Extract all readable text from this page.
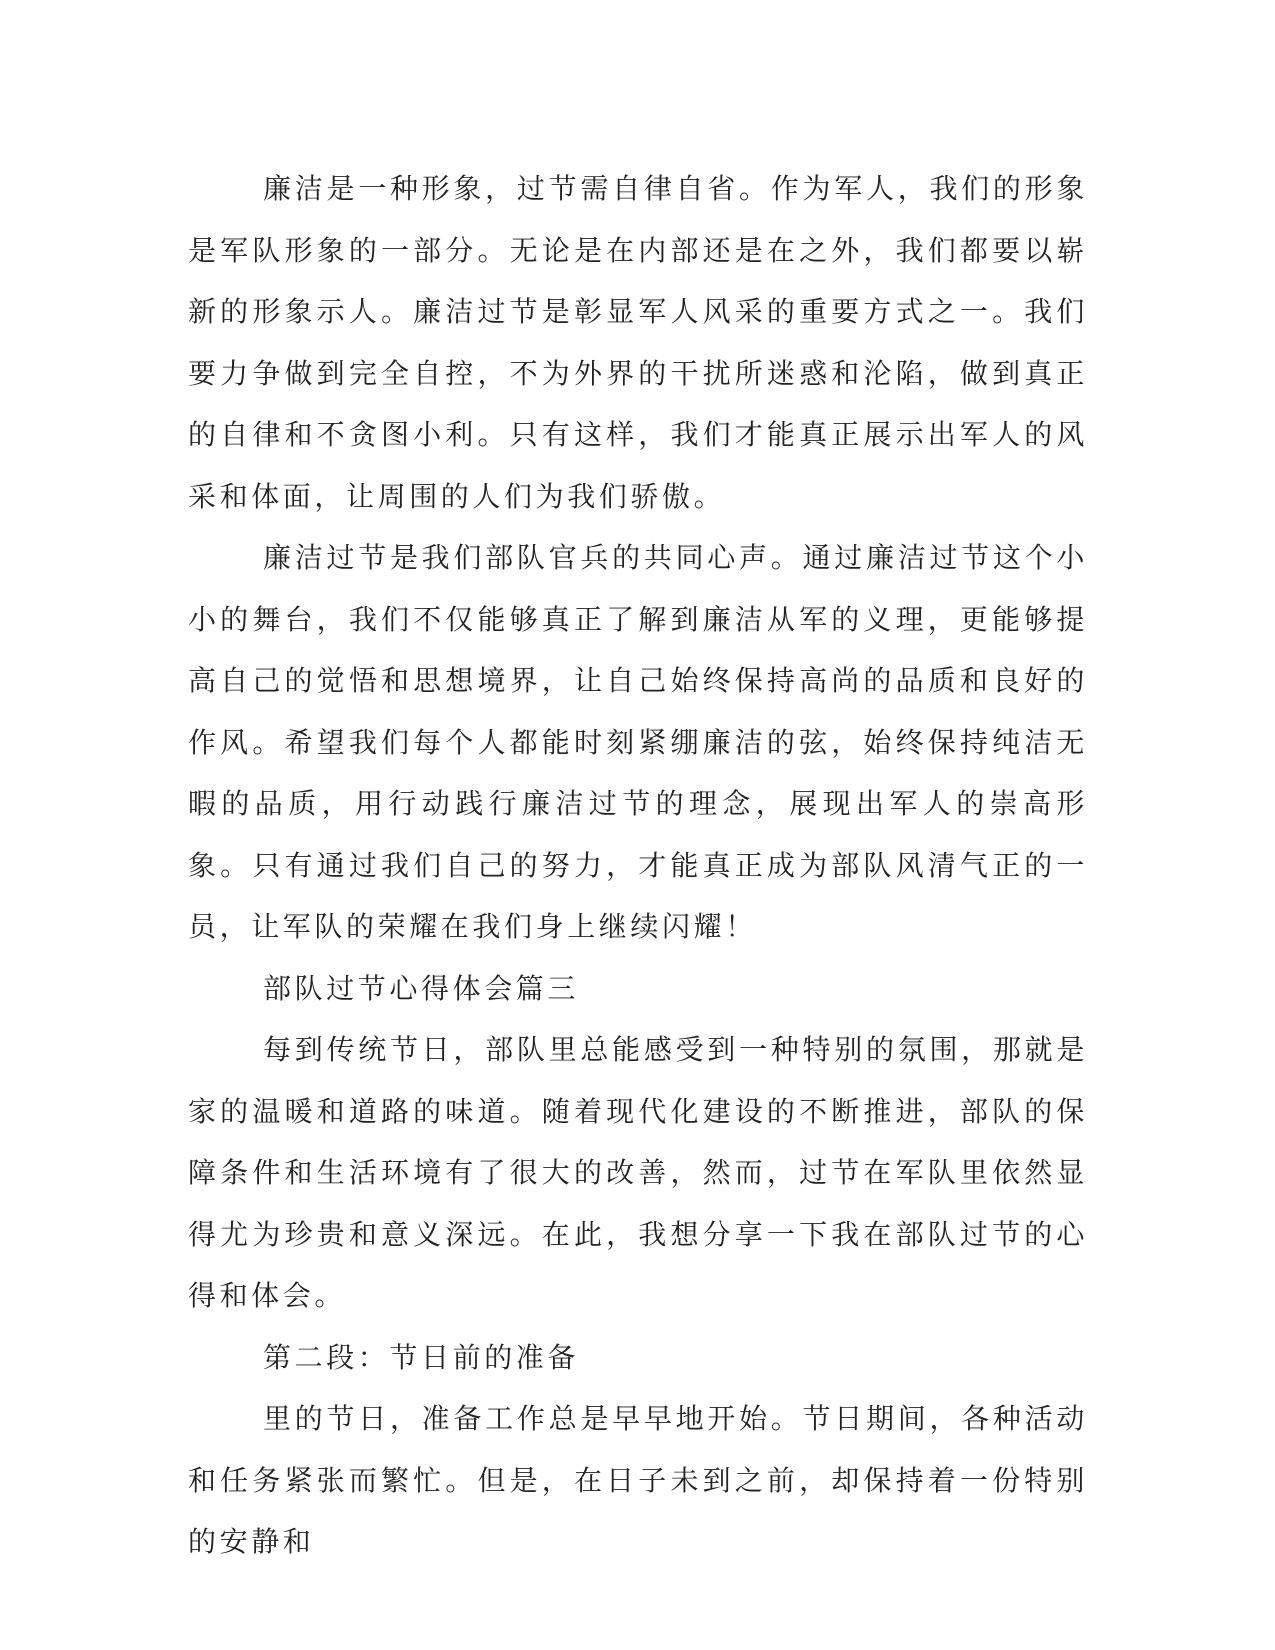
廉洁是一种形象，过节需自律自省。作为军人，我们的形象是军队形象的一部分。无论是在内部还是在之外，我们都要以崭新的形象示人。廉洁过节是彰显军人风采的重要方式之一。我们要力争做到完全自控，不为外界的干扰所迷惑和沦陷，做到真正的自律和不贪图小利。只有这样，我们才能真正展示出军人的风采和体面，让周围的人们为我们骄傲。

廉洁过节是我们部队官兵的共同心声。通过廉洁过节这个小小的舞台，我们不仅能够真正了解到廉洁从军的义理，更能够提高自己的觉悟和思想境界，让自己始终保持高尚的品质和良好的作风。希望我们每个人都能时刻紧绷廉洁的弦，始终保持纯洁无暇的品质，用行动践行廉洁过节的理念，展现出军人的崇高形象。只有通过我们自己的努力，才能真正成为部队风清气正的一员，让军队的荣耀在我们身上继续闪耀！

部队过节心得体会篇三

每到传统节日，部队里总能感受到一种特别的氛围，那就是家的温暖和道路的味道。随着现代化建设的不断推进，部队的保障条件和生活环境有了很大的改善，然而，过节在军队里依然显得尤为珍贵和意义深远。在此，我想分享一下我在部队过节的心得和体会。

第二段：节日前的准备

里的节日，准备工作总是早早地开始。节日期间，各种活动和任务紧张而繁忙。但是，在日子未到之前，却保持着一份特别的安静和
